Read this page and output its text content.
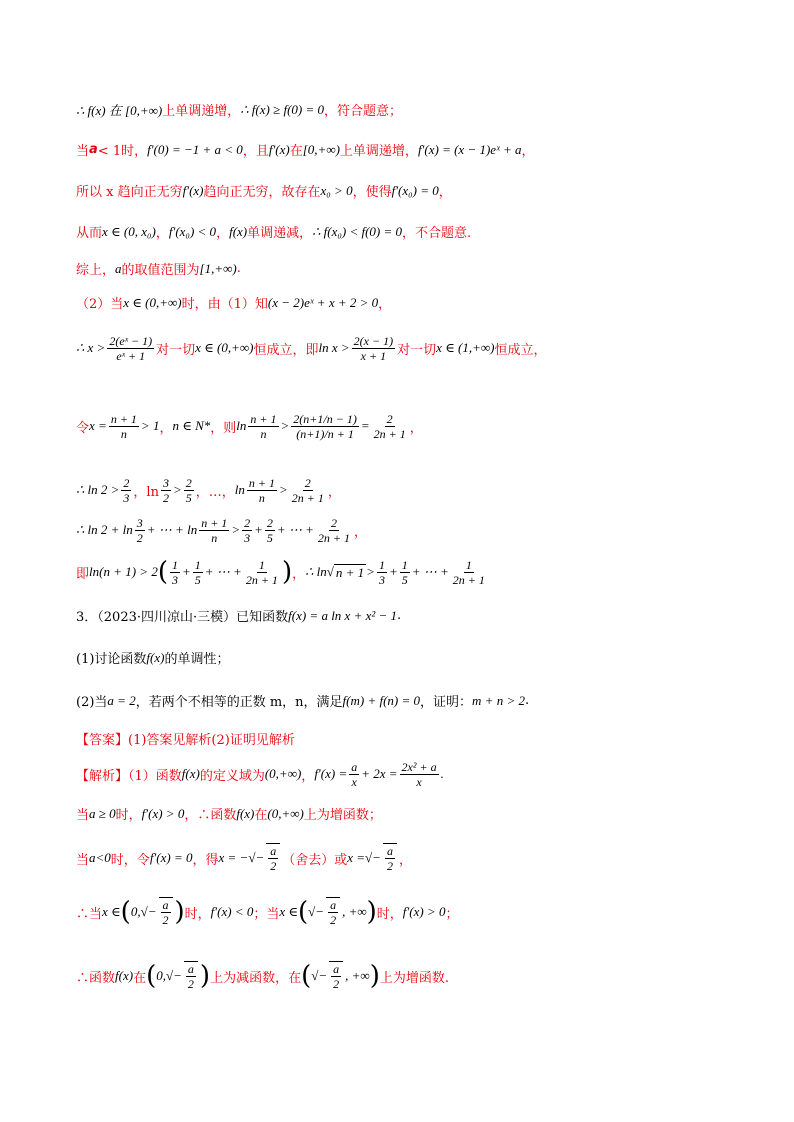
∴ f(x) 在 [0,+∞) 上单调递增， ∴ f(x) ≥ f(0) = 0 ，符合题意；
当 a < 1时， f′(0) = −1 + a < 0 ，且 f′(x) 在 [0,+∞) 上单调递增， f′(x) = (x − 1)eˣ + a ，
所以 x 趋向正无穷 f′(x) 趋向正无穷，故存在 x₀ > 0 ，使得 f′(x₀) = 0 ，
从而 x ∈ (0, x₀) ， f′(x₀) < 0 ， f(x) 单调递减， ∴ f(x₀) < f(0) = 0 ，不合题意.
综上， a 的取值范围为 [1,+∞) .
（2）当 x ∈ (0,+∞) 时，由（1）知 (x − 2)eˣ + x + 2 > 0 ，
∴ $x > \frac{\text{2(eˣ − 1)}}{\text{eˣ + 1}}$ 对一切 x ∈ (0,+∞) 恒成立，即 $\ln x > \frac{2(x - 1)}{x + 1}$ 对一切 x ∈ (1,+∞) 恒成立，
令 $x = \frac{n + 1}{n} > 1$ ， n ∈ N* ，则 $\ln \frac{n + 1}{n} > \frac{2(n+1/n - 1)}{(n+1)/n + 1} = \frac{2}{2n + 1}$ ，
∴ $\ln 2 > \frac{2}{3}$ ，$\ln \frac{3}{2} > \frac{2}{5}$ ，…， $\ln \frac{n + 1}{n} > \frac{2}{2n + 1}$ ，
∴ $\ln 2 + \ln \frac{3}{2}$ + ⋯ + $\ln \frac{n + 1}{n} > \frac{2}{3} + \frac{2}{5}$ + ⋯ + $\frac{2}{2n + 1}$ ，
即 ln(n + 1) > 2 ( $\frac{1}{3} + \frac{1}{5}$ + ⋯ + $\frac{1}{2n + 1}$ ) ， ∴ ln √ $n + 1 > \frac{1}{3} + \frac{1}{5}$ + ⋯ + $\frac{1}{2n + 1}$
3．（2023·四川凉山·三模）已知函数 f(x) = a ln x + x² − 1 .
(1)讨论函数 f(x) 的单调性；
(2)当 a = 2 ，若两个不相等的正数 m，n，满足 f(m) + f(n) = 0 ，证明： m + n > 2 .
【答案】(1)答案见解析(2)证明见解析
【解析】（1）函数 f(x) 的定义域为 (0,+∞) ， $f'(x) = \frac{a}{x} + 2x = \frac{\text{2x² + a}}{x}$ .
当 a ≥ 0 时， f′(x) > 0 ，∴函数 f(x) 在 (0,+∞) 上为增函数；
当 a<0 时，令 f′(x) = 0 ，得 x = − √− $\frac{a}{2}$ （舍去）或 x = √− $\frac{a}{2}$ ，
∴当 x ∈ ( 0, √− $\frac{a}{2}$ ) 时， f′(x) < 0 ；当 x ∈ ( √− $\frac{a}{2}$ , +∞ ) 时， f′(x) > 0 ；
∴函数 f(x) 在 ( 0, √− $\frac{a}{2}$ ) 上为减函数，在 ( √− $\frac{a}{2}$ , +∞ ) 上为增函数.
